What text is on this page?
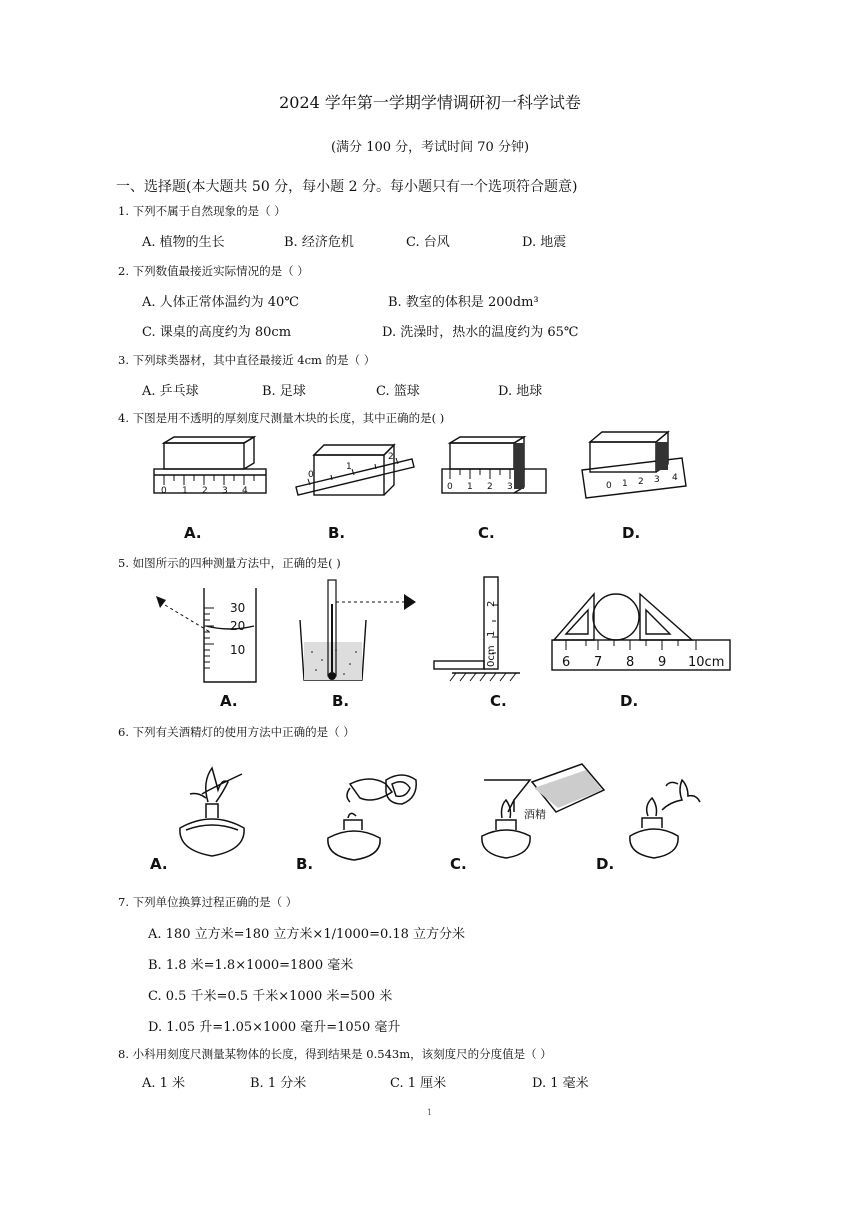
2024 学年第一学期学情调研初一科学试卷
(满分 100 分，考试时间 70 分钟)
一、选择题(本大题共 50 分，每小题 2 分。每小题只有一个选项符合题意)
1. 下列不属于自然现象的是（ ）
A. 植物的生长	B. 经济危机	C. 台风	D. 地震
2. 下列数值最接近实际情况的是（ ）
A. 人体正常体温约为 40℃	B. 教室的体积是 200dm³
C. 课桌的高度约为 80cm	D. 洗澡时，热水的温度约为 65℃
3. 下列球类器材，其中直径最接近 4cm 的是（ ）
A. 乒乓球	B. 足球	C. 篮球	D. 地球
4. 下图是用不透明的厚刻度尺测量木块的长度，其中正确的是( )
0 1 2 3 4
A.
0
1
2
B.
0 1 2 3
C.
0 1 2 3 4
D.
5. 如图所示的四种测量方法中，正确的是( )
30
20
10
A.	B.
0cm
1
2
C.
6 7 8 9 10cm
D.
6. 下列有关酒精灯的使用方法中正确的是（ ）
A.	B.
酒精
C.	D.
7. 下列单位换算过程正确的是（ ）
A. 180 立方米=180 立方米×1/1000=0.18 立方分米
B. 1.8 米=1.8×1000=1800 毫米
C. 0.5 千米=0.5 千米×1000 米=500 米
D. 1.05 升=1.05×1000 毫升=1050 毫升
8. 小科用刻度尺测量某物体的长度，得到结果是 0.543m，该刻度尺的分度值是（ ）
A. 1 米	B. 1 分米	C. 1 厘米	D. 1 毫米
1
